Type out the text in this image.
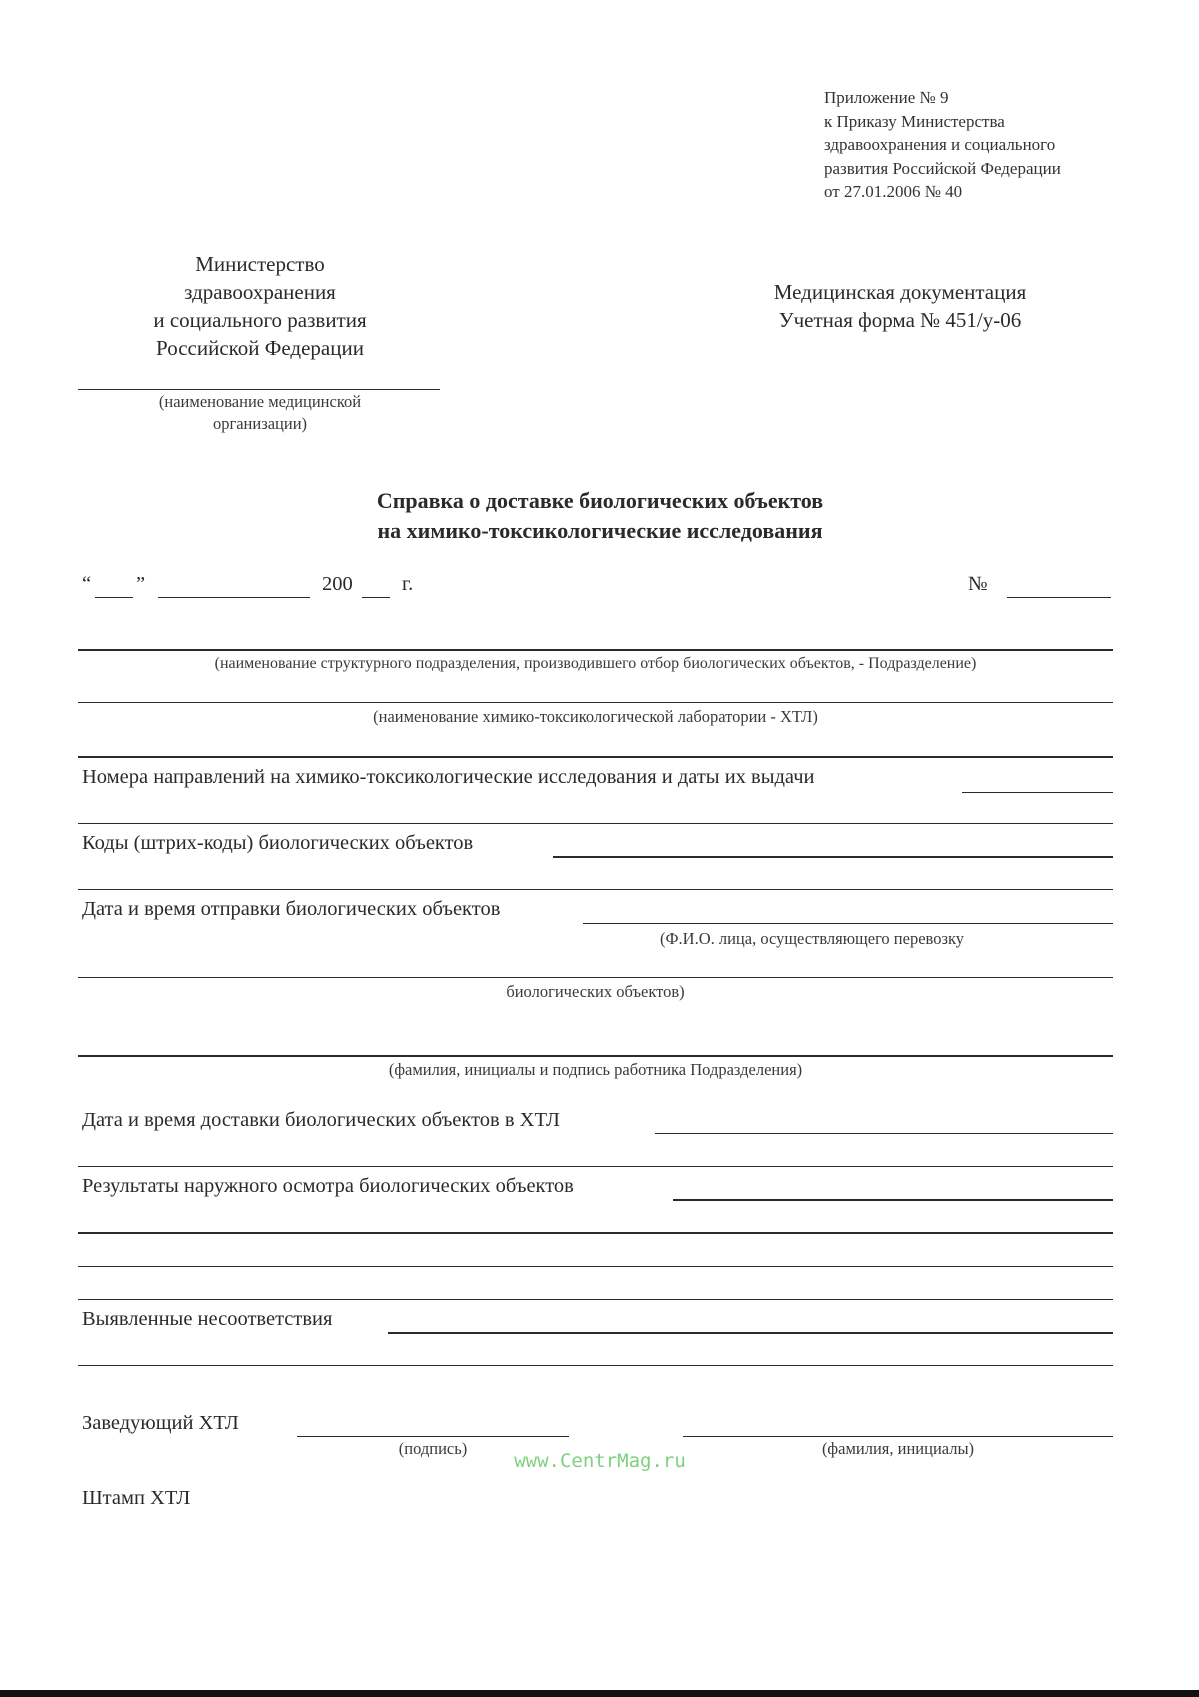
Приложение № 9
к Приказу Министерства
здравоохранения и социального
развития Российской Федерации
от 27.01.2006 № 40
Министерство
здравоохранения
и социального развития
Российской Федерации
(наименование медицинской
организации)
Медицинская документация
Учетная форма № 451/у-06
Справка о доставке биологических объектов
на химико-токсикологические исследования
“ ”	200 г.	№
(наименование структурного подразделения, производившего отбор биологических объектов, - Подразделение)
(наименование химико-токсикологической лаборатории - ХТЛ)
Номера направлений на химико-токсикологические исследования и даты их выдачи
Коды (штрих-коды) биологических объектов
Дата и время отправки биологических объектов
(Ф.И.О. лица, осуществляющего перевозку
биологических объектов)
(фамилия, инициалы и подпись работника Подразделения)
Дата и время доставки биологических объектов в ХТЛ
Результаты наружного осмотра биологических объектов
Выявленные несоответствия
Заведующий ХТЛ
(подпись)	(фамилия, инициалы)
Штамп ХТЛ
www.CentrMag.ru
